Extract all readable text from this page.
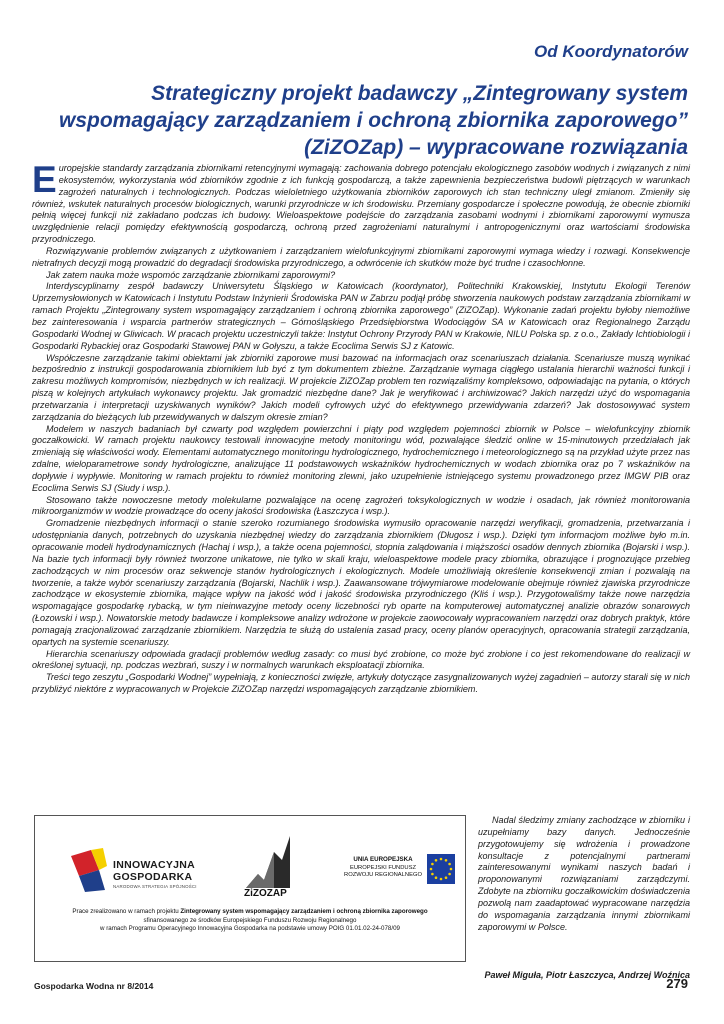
Od Koordynatorów
Strategiczny projekt badawczy „Zintegrowany system
wspomagający zarządzaniem i ochroną zbiornika zaporowego”
(ZiZOZap) – wypracowane rozwiązania

Europejskie standardy zarządzania zbiornikami retencyjnymi wymagają: zachowania dobrego potencjału ekologicznego zasobów wodnych i związanych z nimi ekosystemów, wykorzystania wód zbiorników zgodnie z ich funkcją gospodarczą, a także zapewnienia bezpieczeństwa budowli piętrzących w warunkach zagrożeń naturalnych i technologicznych. Podczas wieloletniego użytkowania zbiorników zaporowych ich stan techniczny uległ zmianom. Zmieniły się również, wskutek naturalnych procesów biologicznych, warunki przyrodnicze w ich środowisku. Przemiany gospodarcze i społeczne powodują, że obecnie zbiorniki pełnią więcej funkcji niż zakładano podczas ich budowy. Wieloaspektowe podejście do zarządzania zasobami wodnymi i zbiornikami zaporowymi wymusza uwzględnienie relacji pomiędzy efektywnością gospodarczą, ochroną przed zagrożeniami naturalnymi i antropogenicznymi oraz wartościami środowiska przyrodniczego.

Rozwiązywanie problemów związanych z użytkowaniem i zarządzaniem wielofunkcyjnymi zbiornikami zaporowymi wymaga wiedzy i rozwagi. Konsekwencje nietrafnych decyzji mogą prowadzić do degradacji środowiska przyrodniczego, a odwrócenie ich skutków może być trudne i czasochłonne.

Jak zatem nauka może wspomóc zarządzanie zbiornikami zaporowymi?

Interdyscyplinarny zespół badawczy Uniwersytetu Śląskiego w Katowicach (koordynator), Politechniki Krakowskiej, Instytutu Ekologii Terenów Uprzemysłowionych w Katowicach i Instytutu Podstaw Inżynierii Środowiska PAN w Zabrzu podjął próbę stworzenia naukowych podstaw zarządzania zbiornikami w ramach Projektu „Zintegrowany system wspomagający zarządzaniem i ochroną zbiornika zaporowego” (ZiZOZap). Wykonanie zadań projektu byłoby niemożliwe bez zainteresowania i wsparcia partnerów strategicznych – Górnośląskiego Przedsiębiorstwa Wodociągów SA w Katowicach oraz Regionalnego Zarządu Gospodarki Wodnej w Gliwicach. W pracach projektu uczestniczyli także: Instytut Ochrony Przyrody PAN w Krakowie, NILU Polska sp. z o.o., Zakłady Ichtiobiologii i Gospodarki Rybackiej oraz Gospodarki Stawowej PAN w Gołyszu, a także Ecoclima Serwis SJ z Katowic.

Współczesne zarządzanie takimi obiektami jak zbiorniki zaporowe musi bazować na informacjach oraz scenariuszach działania. Scenariusze muszą wynikać bezpośrednio z instrukcji gospodarowania zbiornikiem lub być z tym dokumentem zbieżne. Zarządzanie wymaga ciągłego ustalania hierarchii ważności funkcji i zakresu możliwych kompromisów, niezbędnych w ich realizacji. W projekcie ZiZOZap problem ten rozwiązaliśmy kompleksowo, odpowiadając na pytania, o których piszą w kolejnych artykułach wykonawcy projektu. Jak gromadzić niezbędne dane? Jak je weryfikować i archiwizować? Jakich narzędzi użyć do wspomagania przetwarzania i interpretacji uzyskiwanych wyników? Jakich modeli cyfrowych użyć do efektywnego przewidywania zdarzeń? Jak dostosowywać system zarządzania do bieżących lub przewidywanych w dalszym okresie zmian?

Modelem w naszych badaniach był czwarty pod względem powierzchni i piąty pod względem pojemności zbiornik w Polsce – wielofunkcyjny zbiornik goczałkowicki. W ramach projektu naukowcy testowali innowacyjne metody monitoringu wód, pozwalające śledzić online w 15-minutowych przedziałach jak zmieniają się właściwości wody. Elementami automatycznego monitoringu hydrologicznego, hydrochemicznego i meteorologicznego są na przykład użyte przez nas zdalne, wieloparametrowe sondy hydrologiczne, analizujące 11 podstawowych wskaźników hydrochemicznych w wodach zbiornika oraz po 7 wskaźników na dopływie i wypływie. Monitoring w ramach projektu to również monitoring zlewni, jako uzupełnienie istniejącego systemu prowadzonego przez IMGW PIB oraz Ecoclima Serwis SJ (Siudy i wsp.).

Stosowano także nowoczesne metody molekularne pozwalające na ocenę zagrożeń toksykologicznych w wodzie i osadach, jak również monitorowania mikroorganizmów w wodzie prowadzące do oceny jakości środowiska (Łaszczyca i wsp.).

Gromadzenie niezbędnych informacji o stanie szeroko rozumianego środowiska wymusiło opracowanie narzędzi weryfikacji, gromadzenia, przetwarzania i udostępniania danych, potrzebnych do uzyskania niezbędnej wiedzy do zarządzania zbiornikiem (Długosz i wsp.). Dzięki tym informacjom możliwe było m.in. opracowanie modeli hydrodynamicznych (Hachaj i wsp.), a także ocena pojemności, stopnia zalądowania i miąższości osadów dennych zbiornika (Bojarski i wsp.). Na bazie tych informacji były również tworzone unikatowe, nie tylko w skali kraju, wieloaspektowe modele pracy zbiornika, obrazujące i prognozujące przebieg zachodzących w nim procesów oraz sekwencje stanów hydrologicznych i ekologicznych. Modele umożliwiają określenie konsekwencji zmian i pozwalają na tworzenie, a także wybór scenariuszy zarządzania (Bojarski, Nachlik i wsp.). Zaawansowane trójwymiarowe modelowanie obejmuje również zjawiska przyrodnicze zachodzące w ekosystemie zbiornika, mające wpływ na jakość wód i jakość środowiska przyrodniczego (Kliś i wsp.). Przygotowaliśmy także nowe narzędzia wspomagające gospodarkę rybacką, w tym nieinwazyjne metody oceny liczebności ryb oparte na komputerowej automatycznej analizie obrazów sonarowych (Łozowski i wsp.). Nowatorskie metody badawcze i kompleksowe analizy wdrożone w projekcie zaowocowały wypracowaniem narzędzi oraz dobrych praktyk, które pomagają zracjonalizować zarządzanie zbiornikiem. Narzędzia te służą do ustalenia zasad pracy, oceny planów operacyjnych, opracowania strategii zarządzania, opartych na systemie scenariuszy.

Hierarchia scenariuszy odpowiada gradacji problemów według zasady: co musi być zrobione, co może być zrobione i co jest rekomendowane do realizacji w określonej sytuacji, np. podczas wezbrań, suszy i w normalnych warunkach eksploatacji zbiornika.

Treści tego zeszytu „Gospodarki Wodnej” wypełniają, z konieczności zwięzłe, artykuły dotyczące zasygnalizowanych wyżej zagadnień – autorzy starali się w nich przybliżyć niektóre z wypracowanych w Projekcie ZiZOZap narzędzi wspomagających zarządzanie zbiornikiem.

INNOWACYJNA
GOSPODARKA
NARODOWA STRATEGIA SPÓJNOŚCI
ZiZOZAP
UNIA EUROPEJSKA
EUROPEJSKI FUNDUSZ
ROZWOJU REGIONALNEGO
Prace zrealizowano w ramach projektu Zintegrowany system wspomagający zarządzaniem i ochroną zbiornika zaporowego
sfinansowanego ze środków Europejskiego Funduszu Rozwoju Regionalnego
w ramach Programu Operacyjnego Innowacyjna Gospodarka na podstawie umowy POIG 01.01.02-24-078/09

Nadal śledzimy zmiany zachodzące w zbiorniku i uzupełniamy bazy danych. Jednocześnie przygotowujemy się wdrożenia i prowadzone konsultacje z potencjalnymi partnerami zainteresowanymi wynikami naszych badań i proponowanymi rozwiązaniami zarządczymi. Zdobyte na zbiorniku goczałkowickim doświadczenia pozwolą nam zaadaptować wypracowane narzędzia do wspomagania zarządzania innymi zbiornikami zaporowymi w Polsce.

Paweł Miguła, Piotr Łaszczyca, Andrzej Woźnica
Gospodarka Wodna nr 8/2014	279
